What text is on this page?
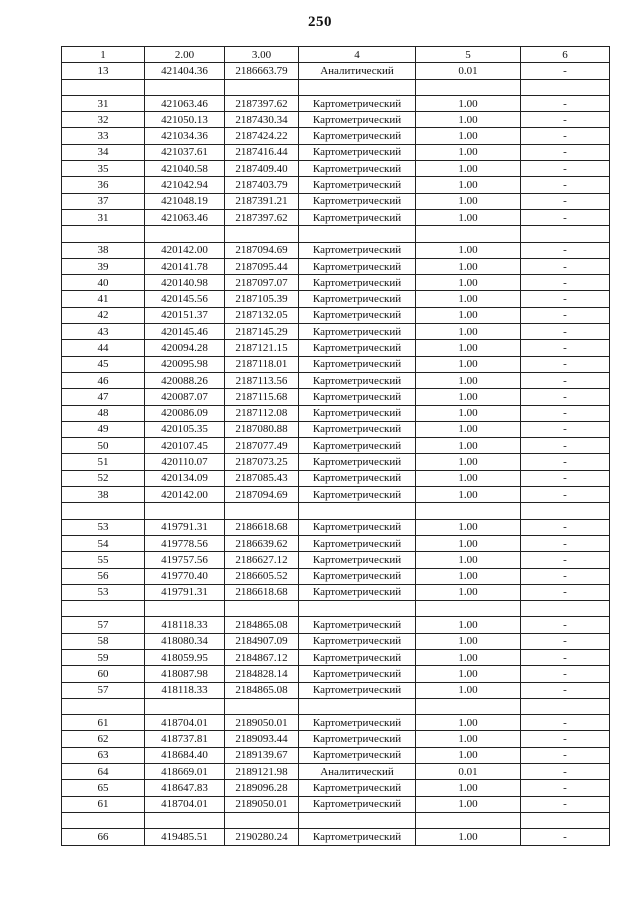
250
1	2.00	3.00	4	5	6
13	421404.36	2186663.79	Аналитический	0.01	-

31	421063.46	2187397.62	Картометрический	1.00	-
32	421050.13	2187430.34	Картометрический	1.00	-
33	421034.36	2187424.22	Картометрический	1.00	-
34	421037.61	2187416.44	Картометрический	1.00	-
35	421040.58	2187409.40	Картометрический	1.00	-
36	421042.94	2187403.79	Картометрический	1.00	-
37	421048.19	2187391.21	Картометрический	1.00	-
31	421063.46	2187397.62	Картометрический	1.00	-

38	420142.00	2187094.69	Картометрический	1.00	-
39	420141.78	2187095.44	Картометрический	1.00	-
40	420140.98	2187097.07	Картометрический	1.00	-
41	420145.56	2187105.39	Картометрический	1.00	-
42	420151.37	2187132.05	Картометрический	1.00	-
43	420145.46	2187145.29	Картометрический	1.00	-
44	420094.28	2187121.15	Картометрический	1.00	-
45	420095.98	2187118.01	Картометрический	1.00	-
46	420088.26	2187113.56	Картометрический	1.00	-
47	420087.07	2187115.68	Картометрический	1.00	-
48	420086.09	2187112.08	Картометрический	1.00	-
49	420105.35	2187080.88	Картометрический	1.00	-
50	420107.45	2187077.49	Картометрический	1.00	-
51	420110.07	2187073.25	Картометрический	1.00	-
52	420134.09	2187085.43	Картометрический	1.00	-
38	420142.00	2187094.69	Картометрический	1.00	-

53	419791.31	2186618.68	Картометрический	1.00	-
54	419778.56	2186639.62	Картометрический	1.00	-
55	419757.56	2186627.12	Картометрический	1.00	-
56	419770.40	2186605.52	Картометрический	1.00	-
53	419791.31	2186618.68	Картометрический	1.00	-

57	418118.33	2184865.08	Картометрический	1.00	-
58	418080.34	2184907.09	Картометрический	1.00	-
59	418059.95	2184867.12	Картометрический	1.00	-
60	418087.98	2184828.14	Картометрический	1.00	-
57	418118.33	2184865.08	Картометрический	1.00	-

61	418704.01	2189050.01	Картометрический	1.00	-
62	418737.81	2189093.44	Картометрический	1.00	-
63	418684.40	2189139.67	Картометрический	1.00	-
64	418669.01	2189121.98	Аналитический	0.01	-
65	418647.83	2189096.28	Картометрический	1.00	-
61	418704.01	2189050.01	Картометрический	1.00	-

66	419485.51	2190280.24	Картометрический	1.00	-
